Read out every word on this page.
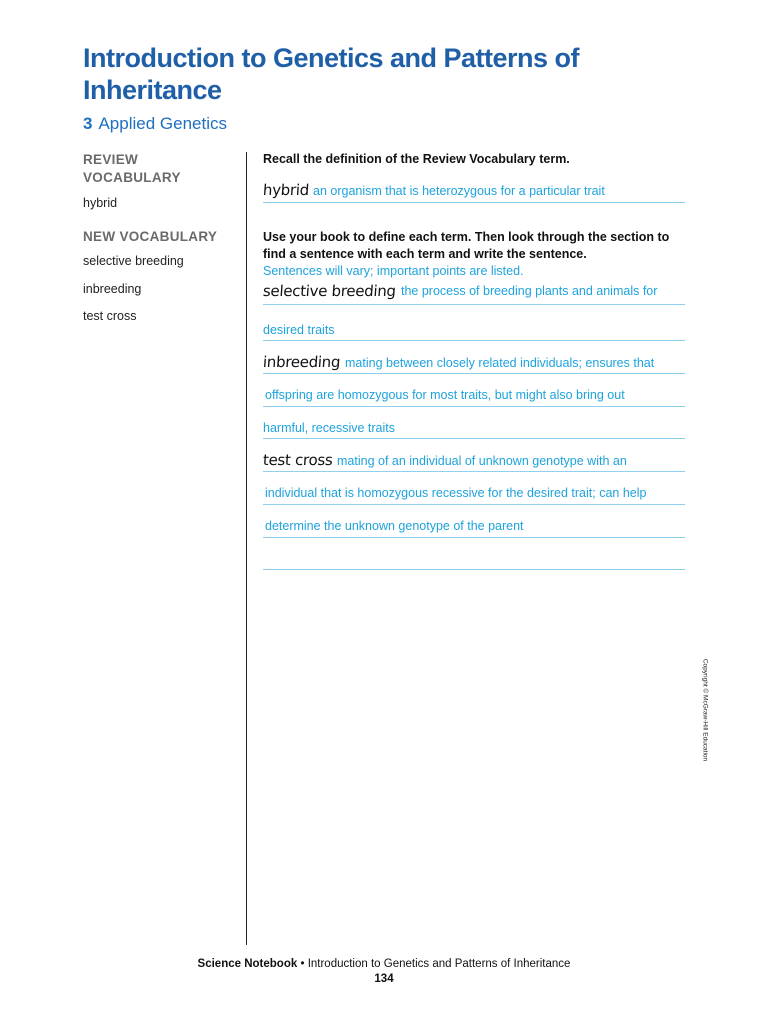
Introduction to Genetics and Patterns of Inheritance
3 Applied Genetics
REVIEW VOCABULARY
hybrid
NEW VOCABULARY
selective breeding
inbreeding
test cross
Recall the definition of the Review Vocabulary term.
hybrid an organism that is heterozygous for a particular trait
Use your book to define each term. Then look through the section to find a sentence with each term and write the sentence.
Sentences will vary; important points are listed.
selective breeding the process of breeding plants and animals for
desired traits
inbreeding mating between closely related individuals; ensures that
offspring are homozygous for most traits, but might also bring out
harmful, recessive traits
test cross mating of an individual of unknown genotype with an
individual that is homozygous recessive for the desired trait; can help
determine the unknown genotype of the parent
Copyright © McGraw-Hill Education
Science Notebook • Introduction to Genetics and Patterns of Inheritance
134
